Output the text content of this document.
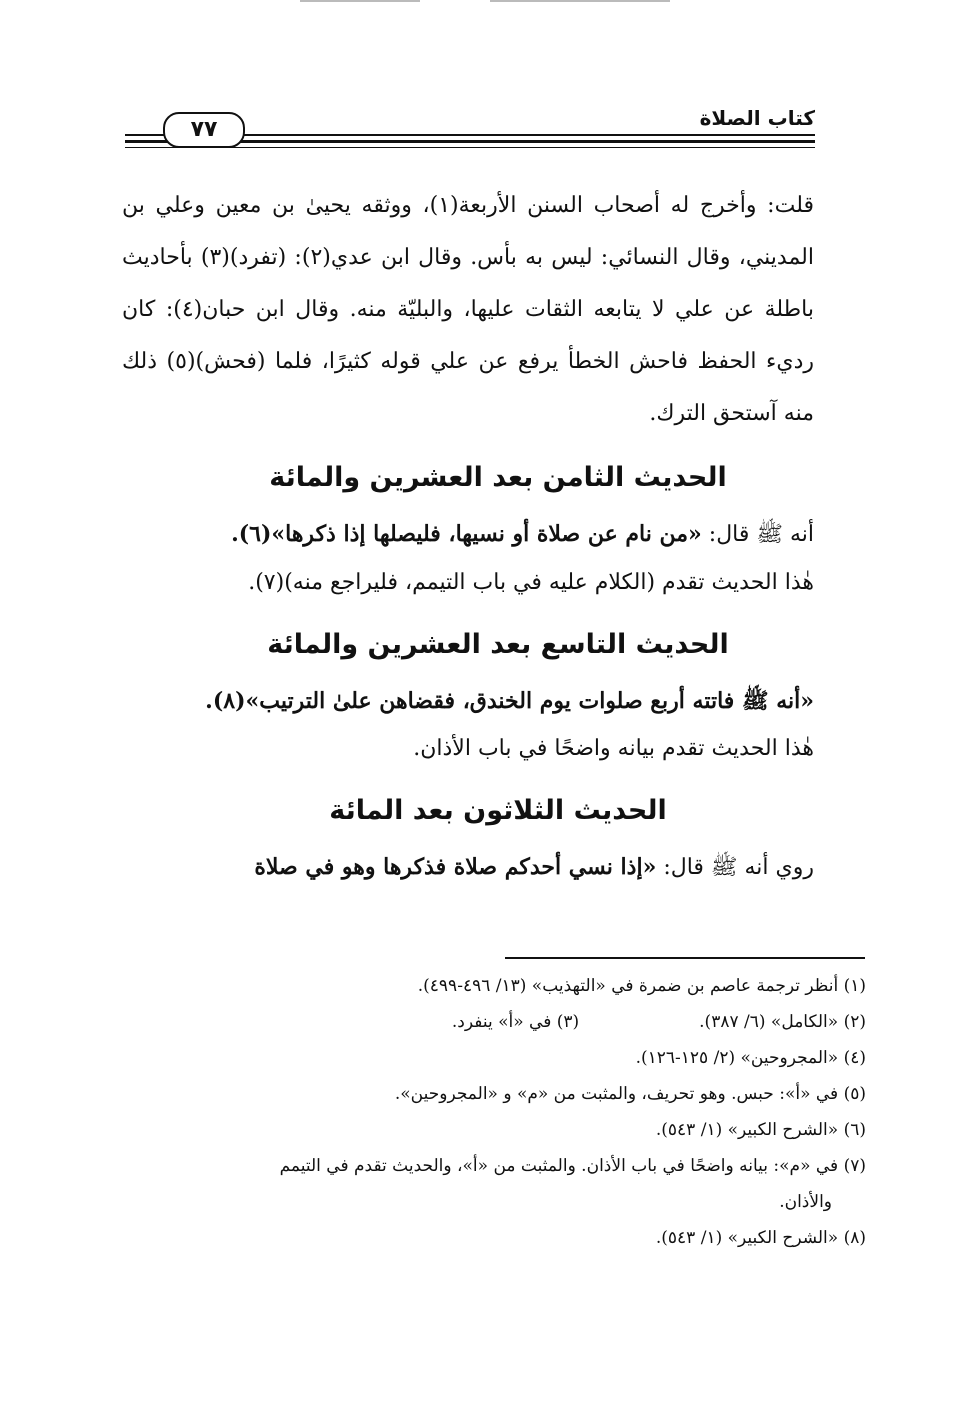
٧٧	كتاب الصلاة

قلت: وأخرج له أصحاب السنن الأربعة(١)، ووثقه يحيىٰ بن معين وعلي بن المديني، وقال النسائي: ليس به بأس. وقال ابن عدي(٢): (تفرد)(٣) بأحاديث باطلة عن علي لا يتابعه الثقات عليها، والبليّة منه. وقال ابن حبان(٤): كان رديء الحفظ فاحش الخطأ يرفع عن علي قوله كثيرًا، فلما (فحش)(٥) ذلك منه آستحق الترك.

الحديث الثامن بعد العشرين والمائة

أنه ﷺ قال: «من نام عن صلاة أو نسيها، فليصلها إذا ذكرها»(٦).

هٰذا الحديث تقدم (الكلام عليه في باب التيمم، فليراجع منه)(٧).

الحديث التاسع بعد العشرين والمائة

«أنه ﷺ فاتته أربع صلوات يوم الخندق، فقضاهن علىٰ الترتيب»(٨).

هٰذا الحديث تقدم بيانه واضحًا في باب الأذان.

الحديث الثلاثون بعد المائة

روي أنه ﷺ قال: «إذا نسي أحدكم صلاة فذكرها وهو في صلاة

(١) أنظر ترجمة عاصم بن ضمرة في «التهذيب» (١٣/ ٤٩٦-٤٩٩).

(٢) «الكامل» (٦/ ٣٨٧).
(٣) في «أ» ينفرد.

(٤) «المجروحين» (٢/ ١٢٥-١٢٦).

(٥) في «أ»: حبس. وهو تحريف، والمثبت من «م» و «المجروحين».

(٦) «الشرح الكبير» (١/ ٥٤٣).

(٧) في «م»: بيانه واضحًا في باب الأذان. والمثبت من «أ»، والحديث تقدم في التيمم

والأذان.

(٨) «الشرح الكبير» (١/ ٥٤٣).
